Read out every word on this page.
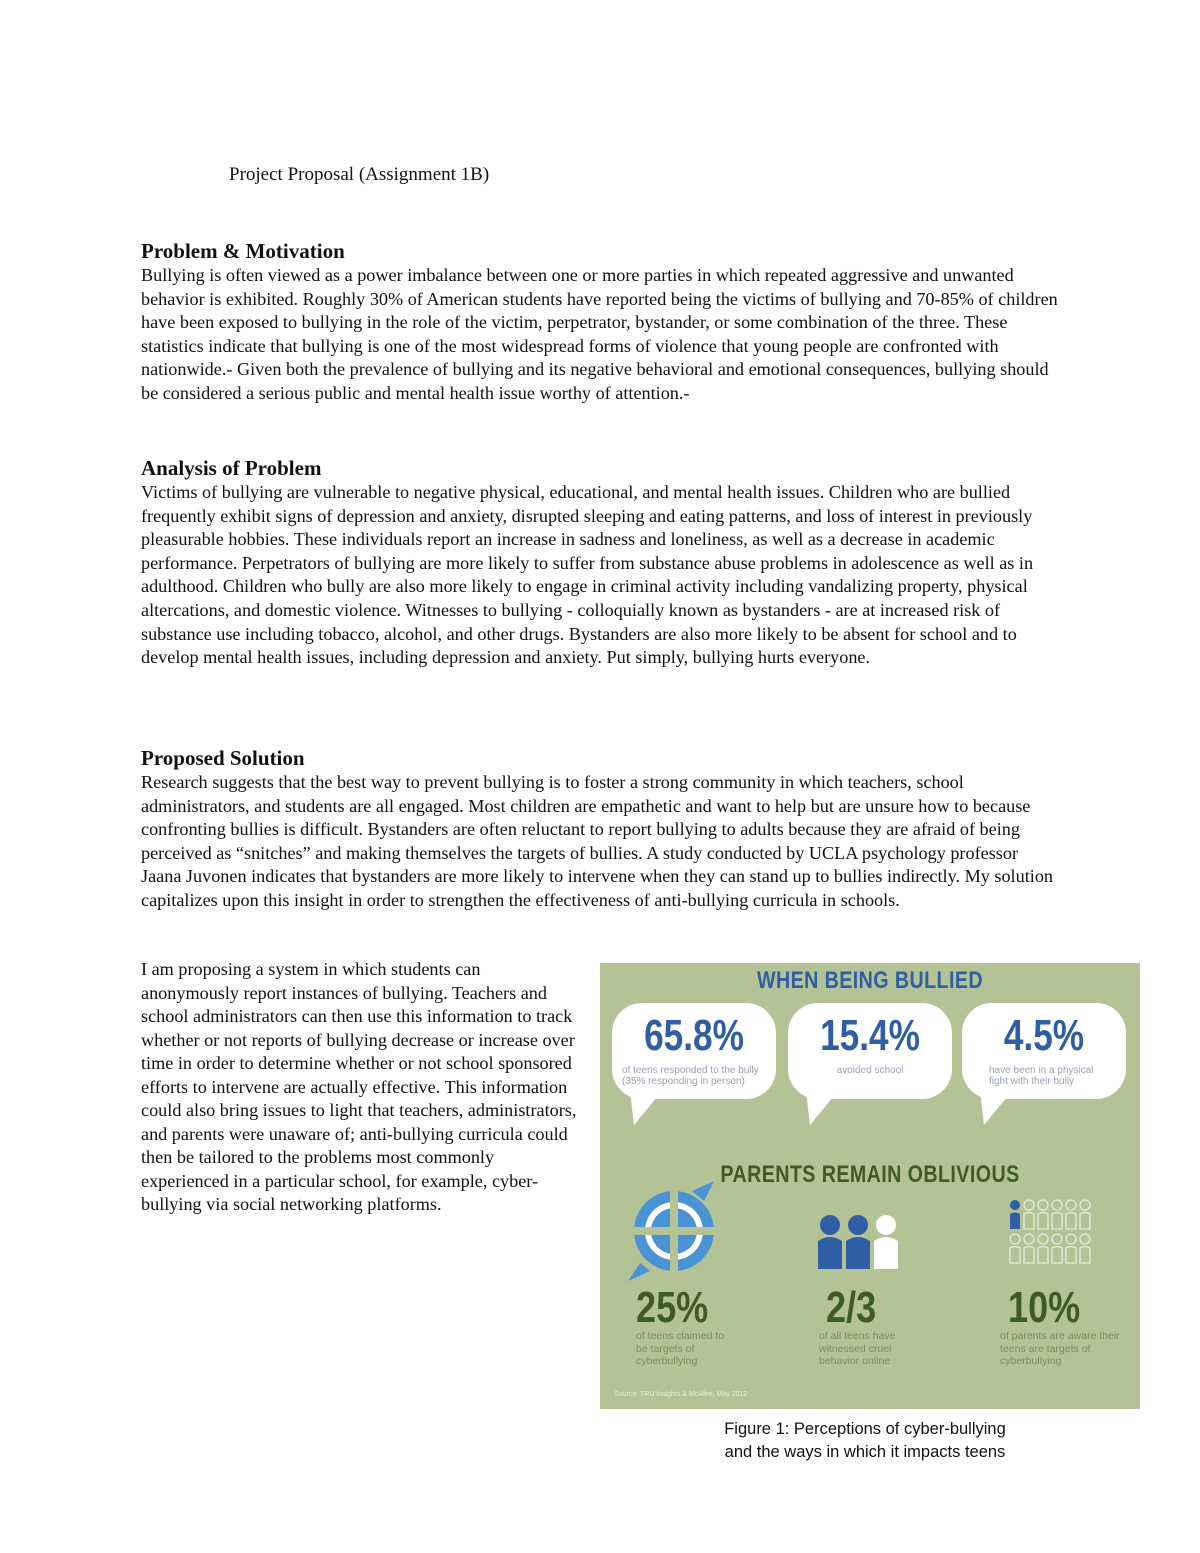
Project Proposal (Assignment 1B)
Problem & Motivation

Bullying is often viewed as a power imbalance between one or more parties in which repeated aggressive and unwanted behavior is exhibited. Roughly 30% of American students have reported being the victims of bullying and 70-85% of children have been exposed to bullying in the role of the victim, perpetrator, bystander, or some combination of the three. These statistics indicate that bullying is one of the most widespread forms of violence that young people are confronted with nationwide.- Given both the prevalence of bullying and its negative behavioral and emotional consequences, bullying should be considered a serious public and mental health issue worthy of attention.-

Analysis of Problem

Victims of bullying are vulnerable to negative physical, educational, and mental health issues. Children who are bullied frequently exhibit signs of depression and anxiety, disrupted sleeping and eating patterns, and loss of interest in previously pleasurable hobbies. These individuals report an increase in sadness and loneliness, as well as a decrease in academic performance. Perpetrators of bullying are more likely to suffer from substance abuse problems in adolescence as well as in adulthood. Children who bully are also more likely to engage in criminal activity including vandalizing property, physical altercations, and domestic violence. Witnesses to bullying - colloquially known as bystanders - are at increased risk of substance use including tobacco, alcohol, and other drugs. Bystanders are also more likely to be absent for school and to develop mental health issues, including depression and anxiety. Put simply, bullying hurts everyone.

Proposed Solution

Research suggests that the best way to prevent bullying is to foster a strong community in which teachers, school administrators, and students are all engaged. Most children are empathetic and want to help but are unsure how to because confronting bullies is difficult. Bystanders are often reluctant to report bullying to adults because they are afraid of being perceived as “snitches” and making themselves the targets of bullies. A study conducted by UCLA psychology professor Jaana Juvonen indicates that bystanders are more likely to intervene when they can stand up to bullies indirectly. My solution capitalizes upon this insight in order to strengthen the effectiveness of anti-bullying curricula in schools.

I am proposing a system in which students can anonymously report instances of bullying. Teachers and school administrators can then use this information to track whether or not reports of bullying decrease or increase over time in order to determine whether or not school sponsored efforts to intervene are actually effective. This information could also bring issues to light that teachers, administrators, and parents were unaware of; anti-bullying curricula could then be tailored to the problems most commonly experienced in a particular school, for example, cyber-bullying via social networking platforms.

WHEN BEING BULLIED
65.8%
of teens responded to the bully (35% responding in person)
15.4%
avoided school
4.5%
have been in a physical fight with their bully
PARENTS REMAIN OBLIVIOUS
25%
of teens claimed to be targets of cyberbullying
2/3
of all teens have witnessed cruel behavior online
10%
of parents are aware their teens are targets of cyberbullying
Source: TRU Insights & McAfee, May 2012
Figure 1: Perceptions of cyber-bullying
and the ways in which it impacts teens
